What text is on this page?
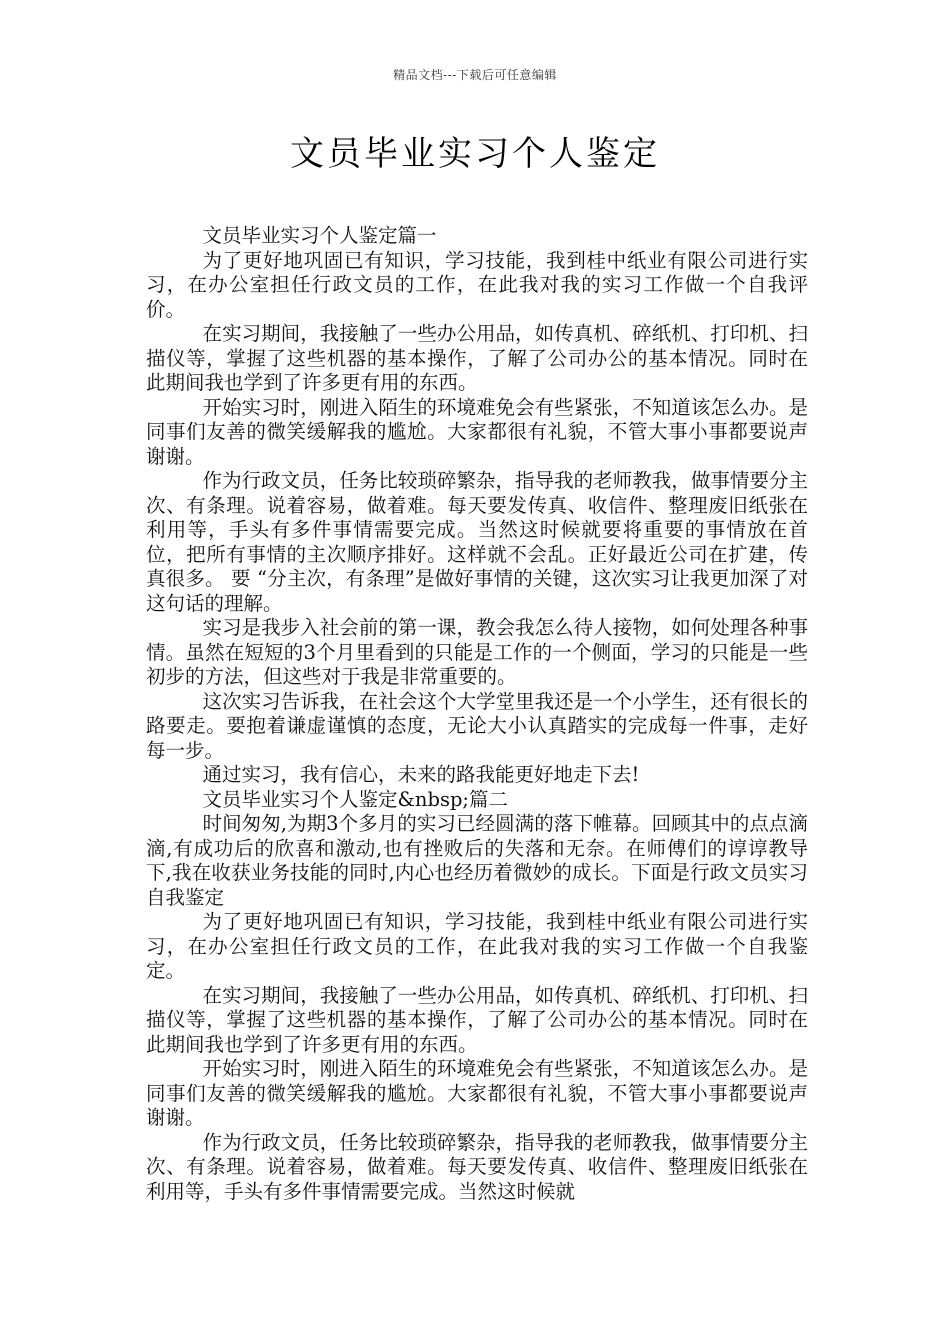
精品文档---下载后可任意编辑
文员毕业实习个人鉴定

文员毕业实习个人鉴定篇一

为了更好地巩固已有知识，学习技能，我到桂中纸业有限公司进行实习，在办公室担任行政文员的工作，在此我对我的实习工作做一个自我评价。

在实习期间，我接触了一些办公用品，如传真机、碎纸机、打印机、扫描仪等，掌握了这些机器的基本操作，了解了公司办公的基本情况。同时在此期间我也学到了许多更有用的东西。

开始实习时，刚进入陌生的环境难免会有些紧张，不知道该怎么办。是同事们友善的微笑缓解我的尴尬。大家都很有礼貌，不管大事小事都要说声谢谢。

作为行政文员，任务比较琐碎繁杂，指导我的老师教我，做事情要分主次、有条理。说着容易，做着难。每天要发传真、收信件、整理废旧纸张在利用等，手头有多件事情需要完成。当然这时候就要将重要的事情放在首位，把所有事情的主次顺序排好。这样就不会乱。正好最近公司在扩建，传真很多。 要 “分主次，有条理”是做好事情的关键，这次实习让我更加深了对这句话的理解。

实习是我步入社会前的第一课，教会我怎么待人接物，如何处理各种事情。虽然在短短的3个月里看到的只能是工作的一个侧面，学习的只能是一些初步的方法，但这些对于我是非常重要的。

这次实习告诉我，在社会这个大学堂里我还是一个小学生，还有很长的路要走。要抱着谦虚谨慎的态度，无论大小认真踏实的完成每一件事，走好每一步。

通过实习，我有信心，未来的路我能更好地走下去!

文员毕业实习个人鉴定&nbsp;篇二

时间匆匆,为期3个多月的实习已经圆满的落下帷幕。回顾其中的点点滴滴,有成功后的欣喜和激动,也有挫败后的失落和无奈。在师傅们的谆谆教导下,我在收获业务技能的同时,内心也经历着微妙的成长。下面是行政文员实习自我鉴定

为了更好地巩固已有知识，学习技能，我到桂中纸业有限公司进行实习，在办公室担任行政文员的工作，在此我对我的实习工作做一个自我鉴定。

在实习期间，我接触了一些办公用品，如传真机、碎纸机、打印机、扫描仪等，掌握了这些机器的基本操作，了解了公司办公的基本情况。同时在此期间我也学到了许多更有用的东西。

开始实习时，刚进入陌生的环境难免会有些紧张，不知道该怎么办。是同事们友善的微笑缓解我的尴尬。大家都很有礼貌，不管大事小事都要说声谢谢。

作为行政文员，任务比较琐碎繁杂，指导我的老师教我，做事情要分主次、有条理。说着容易，做着难。每天要发传真、收信件、整理废旧纸张在利用等，手头有多件事情需要完成。当然这时候就
